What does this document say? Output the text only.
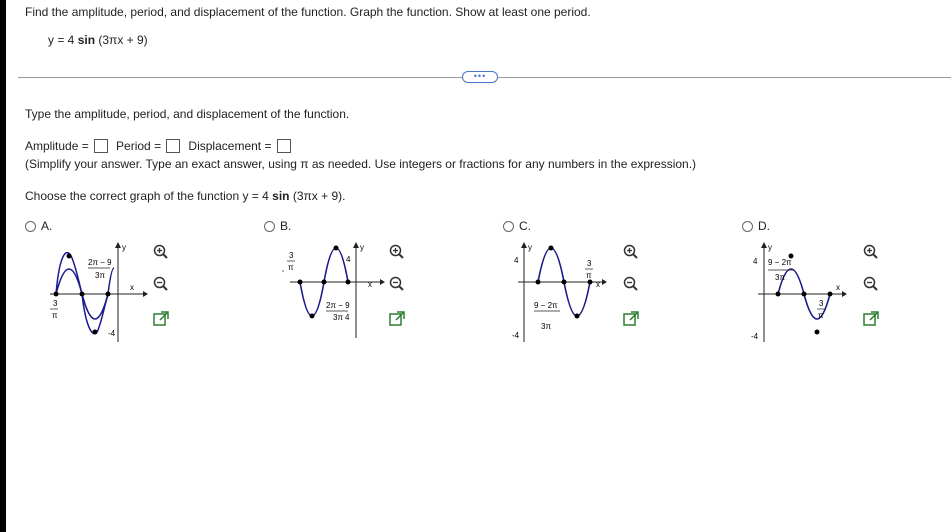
Find the amplitude, period, and displacement of the function. Graph the function. Show at least one period.
y = 4 sin (3πx + 9)
•••
Type the amplitude, period, and displacement of the function.
Amplitude = Period = Displacement =
(Simplify your answer. Type an exact answer, using π as needed. Use integers or fractions for any numbers in the expression.)
Choose the correct graph of the function y = 4 sin (3πx + 9).
A.	B.	C.	D.
2π − 9
3π
3
π
-4
y
x
4
y
x
3
π
2π − 9
3π 4
4
y
-4
x
3
π
9 − 2π
3π
4
y
-4
x
9 − 2π
3π
3
π
